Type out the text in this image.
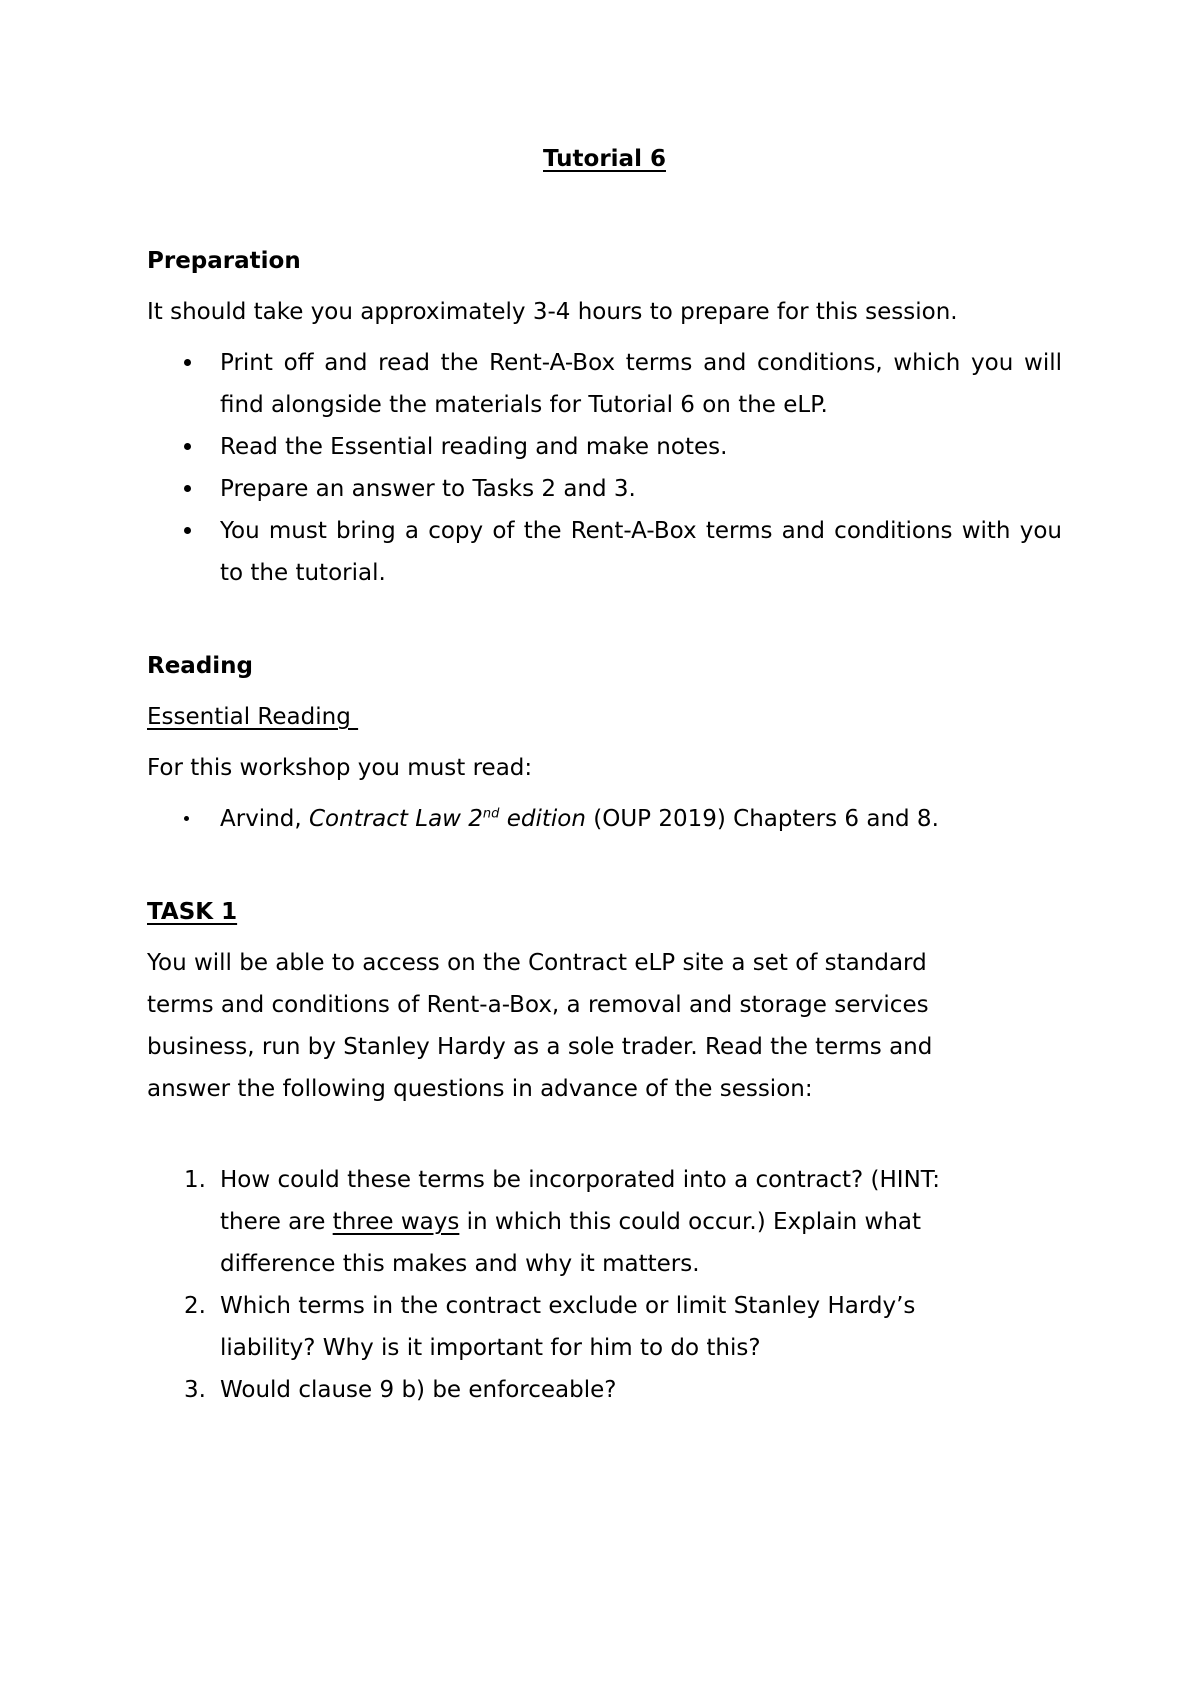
Tutorial 6

Preparation

It should take you approximately 3-4 hours to prepare for this session.

Print off and read the Rent-A-Box terms and conditions, which you will find alongside the materials for Tutorial 6 on the eLP.
Read the Essential reading and make notes.
Prepare an answer to Tasks 2 and 3.
You must bring a copy of the Rent-A-Box terms and conditions with you to the tutorial.

Reading

Essential Reading

For this workshop you must read:

Arvind, Contract Law 2nd edition (OUP 2019) Chapters 6 and 8.

TASK 1

You will be able to access on the Contract eLP site a set of standard terms and conditions of Rent-a-Box, a removal and storage services business, run by Stanley Hardy as a sole trader. Read the terms and answer the following questions in advance of the session:

1. How could these terms be incorporated into a contract? (HINT: there are three ways in which this could occur.) Explain what difference this makes and why it matters.
2. Which terms in the contract exclude or limit Stanley Hardy’s liability? Why is it important for him to do this?
3. Would clause 9 b) be enforceable?
